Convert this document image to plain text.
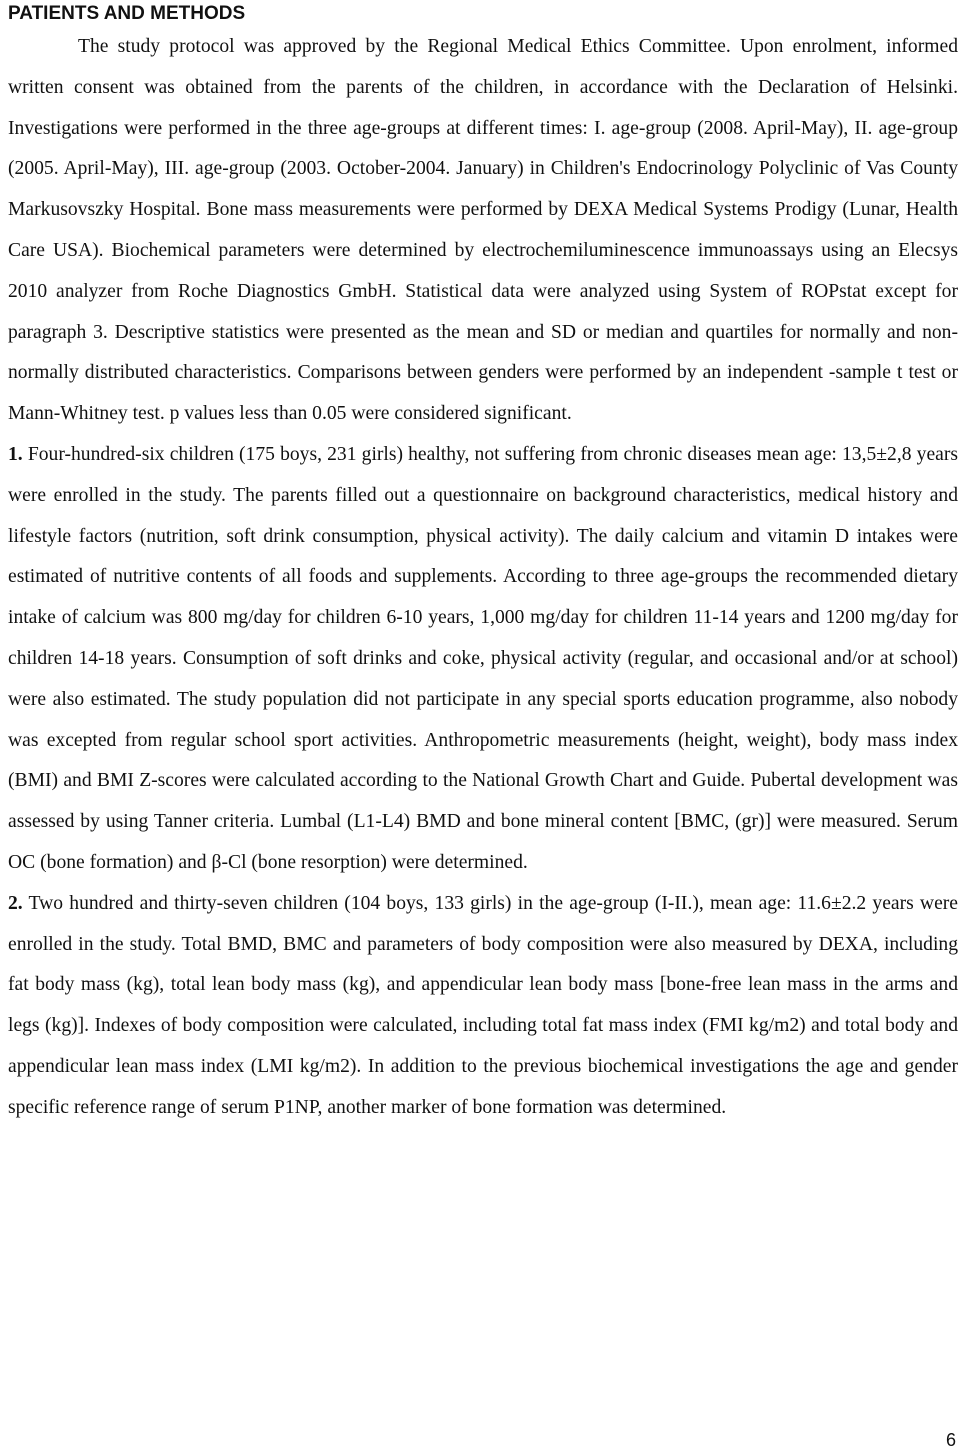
PATIENTS AND METHODS

The study protocol was approved by the Regional Medical Ethics Committee. Upon enrolment, informed written consent was obtained from the parents of the children, in accordance with the Declaration of Helsinki. Investigations were performed in the three age-groups at different times: I. age-group (2008. April-May), II. age-group (2005. April-May), III. age-group (2003. October-2004. January) in Children's Endocrinology Polyclinic of Vas County Markusovszky Hospital. Bone mass measurements were performed by DEXA Medical Systems Prodigy (Lunar, Health Care USA). Biochemical parameters were determined by electrochemiluminescence immunoassays using an Elecsys 2010 analyzer from Roche Diagnostics GmbH. Statistical data were analyzed using System of ROPstat except for paragraph 3. Descriptive statistics were presented as the mean and SD or median and quartiles for normally and non-normally distributed characteristics. Comparisons between genders were performed by an independent -sample t test or Mann-Whitney test. p values less than 0.05 were considered significant.

1. Four-hundred-six children (175 boys, 231 girls) healthy, not suffering from chronic diseases mean age: 13,5±2,8 years were enrolled in the study. The parents filled out a questionnaire on background characteristics, medical history and lifestyle factors (nutrition, soft drink consumption, physical activity). The daily calcium and vitamin D intakes were estimated of nutritive contents of all foods and supplements. According to three age-groups the recommended dietary intake of calcium was 800 mg/day for children 6-10 years, 1,000 mg/day for children 11-14 years and 1200 mg/day for children 14-18 years. Consumption of soft drinks and coke, physical activity (regular, and occasional and/or at school) were also estimated. The study population did not participate in any special sports education programme, also nobody was excepted from regular school sport activities. Anthropometric measurements (height, weight), body mass index (BMI) and BMI Z-scores were calculated according to the National Growth Chart and Guide. Pubertal development was assessed by using Tanner criteria. Lumbal (L1-L4) BMD and bone mineral content [BMC, (gr)] were measured. Serum OC (bone formation) and β-Cl (bone resorption) were determined.

2. Two hundred and thirty-seven children (104 boys, 133 girls) in the age-group (I-II.), mean age: 11.6±2.2 years were enrolled in the study. Total BMD, BMC and parameters of body composition were also measured by DEXA, including fat body mass (kg), total lean body mass (kg), and appendicular lean body mass [bone-free lean mass in the arms and legs (kg)]. Indexes of body composition were calculated, including total fat mass index (FMI kg/m2) and total body and appendicular lean mass index (LMI kg/m2). In addition to the previous biochemical investigations the age and gender specific reference range of serum P1NP, another marker of bone formation was determined.

6
